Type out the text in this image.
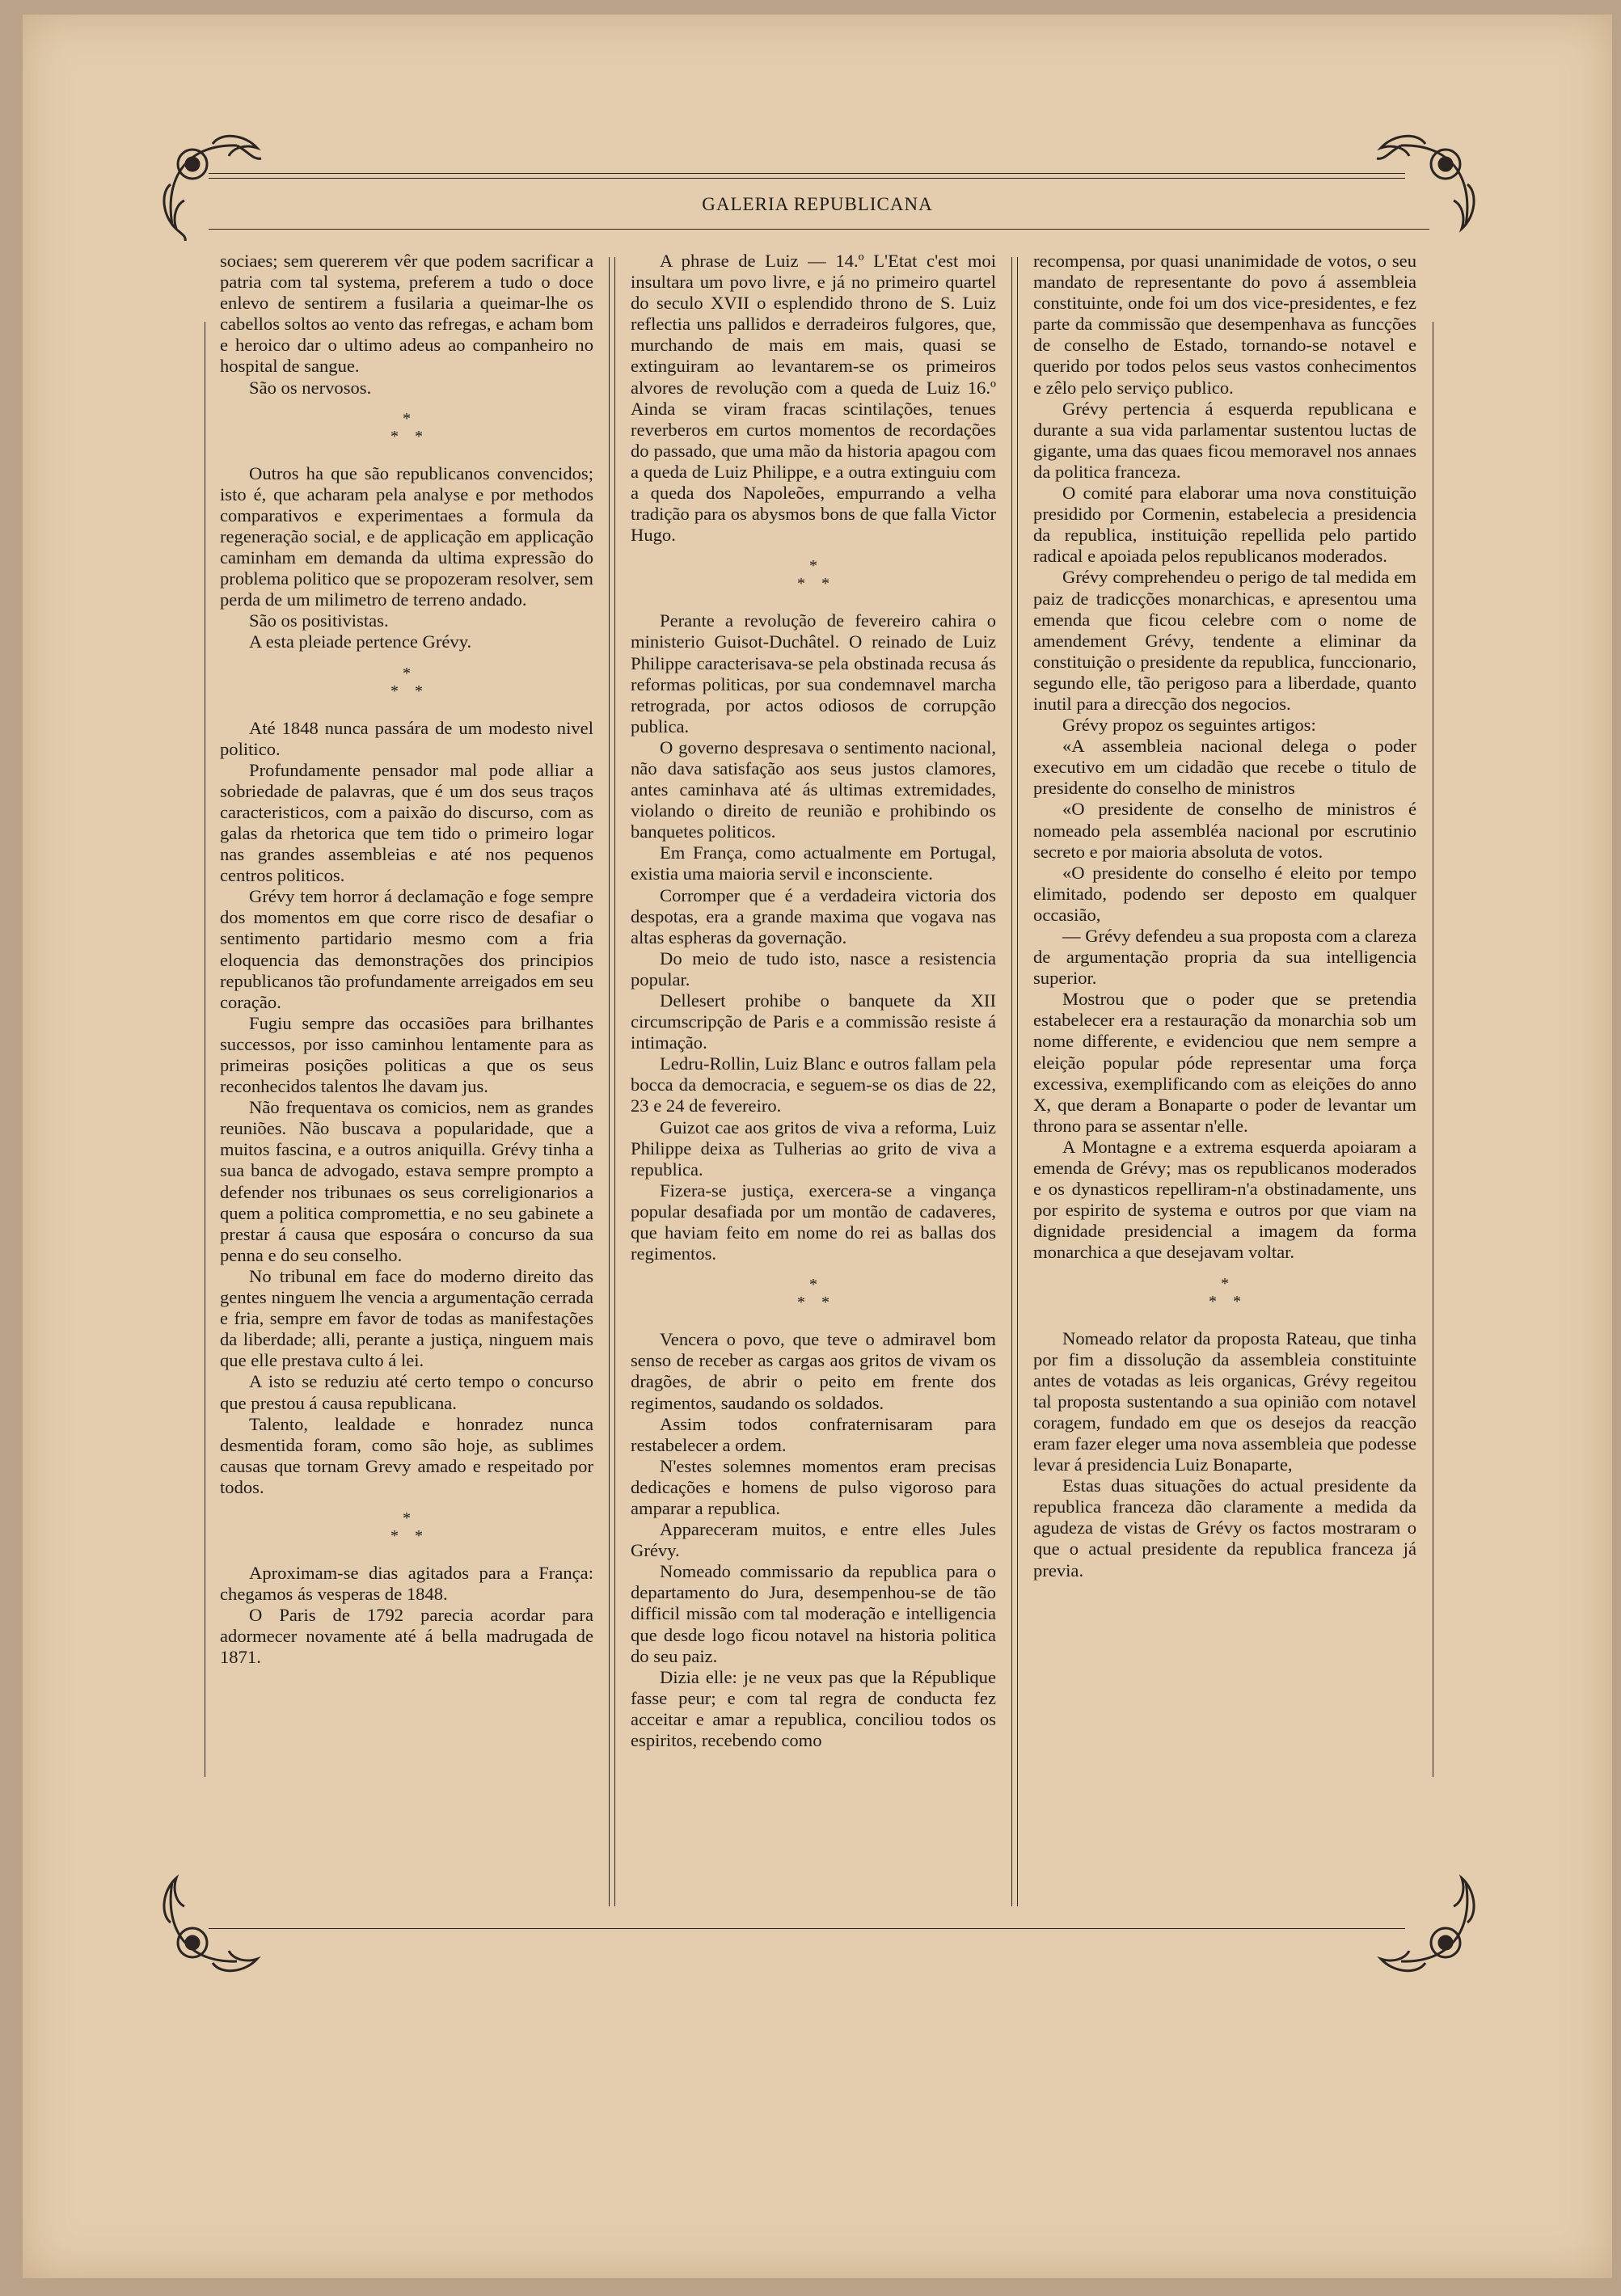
GALERIA REPUBLICANA

sociaes; sem quererem vêr que podem sacrificar a patria com tal systema, preferem a tudo o doce enlevo de sentirem a fusilaria a queimar-lhe os cabellos soltos ao vento das refregas, e acham bom e heroico dar o ultimo adeus ao companheiro no hospital de sangue.

São os nervosos.

*
*    *

Outros ha que são republicanos convencidos; isto é, que acharam pela analyse e por methodos comparativos e experimentaes a formula da regeneração social, e de applicação em applicação caminham em demanda da ultima expressão do problema politico que se propozeram resolver, sem perda de um milimetro de terreno andado.

São os positivistas.

A esta pleiade pertence Grévy.

*
*    *

Até 1848 nunca passára de um modesto nivel politico.

Profundamente pensador mal pode alliar a sobriedade de palavras, que é um dos seus traços caracteristicos, com a paixão do discurso, com as galas da rhetorica que tem tido o primeiro logar nas grandes assembleias e até nos pequenos centros politicos.

Grévy tem horror á declamação e foge sempre dos momentos em que corre risco de desafiar o sentimento partidario mesmo com a fria eloquencia das demonstrações dos principios republicanos tão profundamente arreigados em seu coração.

Fugiu sempre das occasiões para brilhantes successos, por isso caminhou lentamente para as primeiras posições politicas a que os seus reconhecidos talentos lhe davam jus.

Não frequentava os comicios, nem as grandes reuniões. Não buscava a popularidade, que a muitos fascina, e a outros aniquilla. Grévy tinha a sua banca de advogado, estava sempre prompto a defender nos tribunaes os seus correligionarios a quem a politica compromettia, e no seu gabinete a prestar á causa que esposára o concurso da sua penna e do seu conselho.

No tribunal em face do moderno direito das gentes ninguem lhe vencia a argumentação cerrada e fria, sempre em favor de todas as manifestações da liberdade; alli, perante a justiça, ninguem mais que elle prestava culto á lei.

A isto se reduziu até certo tempo o concurso que prestou á causa republicana.

Talento, lealdade e honradez nunca desmentida foram, como são hoje, as sublimes causas que tornam Grevy amado e respeitado por todos.

*
*    *

Aproximam-se dias agitados para a França: chegamos ás vesperas de 1848.

O Paris de 1792 parecia acordar para adormecer novamente até á bella madrugada de 1871.

A phrase de Luiz — 14.º L'Etat c'est moi insultara um povo livre, e já no primeiro quartel do seculo XVII o esplendido throno de S. Luiz reflectia uns pallidos e derradeiros fulgores, que, murchando de mais em mais, quasi se extinguiram ao levantarem-se os primeiros alvores de revolução com a queda de Luiz 16.º Ainda se viram fracas scintilações, tenues reverberos em curtos momentos de recordações do passado, que uma mão da historia apagou com a queda de Luiz Philippe, e a outra extinguiu com a queda dos Napoleões, empurrando a velha tradição para os abysmos bons de que falla Victor Hugo.

*
*    *

Perante a revolução de fevereiro cahira o ministerio Guisot-Duchâtel. O reinado de Luiz Philippe caracterisava-se pela obstinada recusa ás reformas politicas, por sua condemnavel marcha retrograda, por actos odiosos de corrupção publica.

O governo despresava o sentimento nacional, não dava satisfação aos seus justos clamores, antes caminhava até ás ultimas extremidades, violando o direito de reunião e prohibindo os banquetes politicos.

Em França, como actualmente em Portugal, existia uma maioria servil e inconsciente.

Corromper que é a verdadeira victoria dos despotas, era a grande maxima que vogava nas altas espheras da governação.

Do meio de tudo isto, nasce a resistencia popular.

Dellesert prohibe o banquete da XII circumscripção de Paris e a commissão resiste á intimação.

Ledru-Rollin, Luiz Blanc e outros fallam pela bocca da democracia, e seguem-se os dias de 22, 23 e 24 de fevereiro.

Guizot cae aos gritos de viva a reforma, Luiz Philippe deixa as Tulherias ao grito de viva a republica.

Fizera-se justiça, exercera-se a vingança popular desafiada por um montão de cadaveres, que haviam feito em nome do rei as ballas dos regimentos.

*
*    *

Vencera o povo, que teve o admiravel bom senso de receber as cargas aos gritos de vivam os dragões, de abrir o peito em frente dos regimentos, saudando os soldados.

Assim todos confraternisaram para restabelecer a ordem.

N'estes solemnes momentos eram precisas dedicações e homens de pulso vigoroso para amparar a republica.

Appareceram muitos, e entre elles Jules Grévy.

Nomeado commissario da republica para o departamento do Jura, desempenhou-se de tão difficil missão com tal moderação e intelligencia que desde logo ficou notavel na historia politica do seu paiz.

Dizia elle: je ne veux pas que la République fasse peur; e com tal regra de conducta fez acceitar e amar a republica, conciliou todos os espiritos, recebendo como

recompensa, por quasi unanimidade de votos, o seu mandato de representante do povo á assembleia constituinte, onde foi um dos vice-presidentes, e fez parte da commissão que desempenhava as funcções de conselho de Estado, tornando-se notavel e querido por todos pelos seus vastos conhecimentos e zêlo pelo serviço publico.

Grévy pertencia á esquerda republicana e durante a sua vida parlamentar sustentou luctas de gigante, uma das quaes ficou memoravel nos annaes da politica franceza.

O comité para elaborar uma nova constituição presidido por Cormenin, estabelecia a presidencia da republica, instituição repellida pelo partido radical e apoiada pelos republicanos moderados.

Grévy comprehendeu o perigo de tal medida em paiz de tradicções monarchicas, e apresentou uma emenda que ficou celebre com o nome de amendement Grévy, tendente a eliminar da constituição o presidente da republica, funccionario, segundo elle, tão perigoso para a liberdade, quanto inutil para a direcção dos negocios.

Grévy propoz os seguintes artigos:

«A assembleia nacional delega o poder executivo em um cidadão que recebe o titulo de presidente do conselho de ministros

«O presidente de conselho de ministros é nomeado pela assembléa nacional por escrutinio secreto e por maioria absoluta de votos.

«O presidente do conselho é eleito por tempo elimitado, podendo ser deposto em qualquer occasião,

— Grévy defendeu a sua proposta com a clareza de argumentação propria da sua intelligencia superior.

Mostrou que o poder que se pretendia estabelecer era a restauração da monarchia sob um nome differente, e evidenciou que nem sempre a eleição popular póde representar uma força excessiva, exemplificando com as eleições do anno X, que deram a Bonaparte o poder de levantar um throno para se assentar n'elle.

A Montagne e a extrema esquerda apoiaram a emenda de Grévy; mas os republicanos moderados e os dynasticos repelliram-n'a obstinadamente, uns por espirito de systema e outros por que viam na dignidade presidencial a imagem da forma monarchica a que desejavam voltar.

*
*    *

Nomeado relator da proposta Rateau, que tinha por fim a dissolução da assembleia constituinte antes de votadas as leis organicas, Grévy regeitou tal proposta sustentando a sua opinião com notavel coragem, fundado em que os desejos da reacção eram fazer eleger uma nova assembleia que podesse levar á presidencia Luiz Bonaparte,

Estas duas situações do actual presidente da republica franceza dão claramente a medida da agudeza de vistas de Grévy os factos mostraram o que o actual presidente da republica franceza já previa.
